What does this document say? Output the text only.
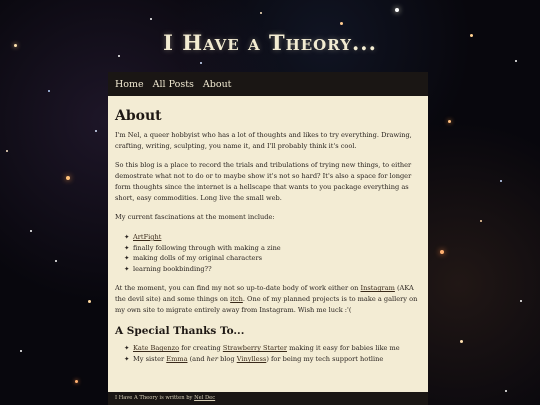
I Have a Theory...
Home All Posts About
About

I'm Nel, a queer hobbyist who has a lot of thoughts and likes to try everything. Drawing, crafting, writing, sculpting, you name it, and I'll probably think it's cool.

So this blog is a place to record the trials and tribulations of trying new things, to either demostrate what not to do or to maybe show it's not so hard? It's also a space for longer form thoughts since the internet is a hellscape that wants to you package everything as short, easy commodities. Long live the small web.

My current fascinations at the moment include:

✦ ArtFight
✦ finally following through with making a zine
✦ making dolls of my original characters
✦ learning bookbinding??

At the moment, you can find my not so up-to-date body of work either on Instagram (AKA the devil site) and some things on itch. One of my planned projects is to make a gallery on my own site to migrate entirely away from Instagram. Wish me luck :'(

A Special Thanks To...
✦ Kate Bagenzo for creating Strawberry Starter making it easy for babies like me
✦ My sister Emma (and her blog Vinylless) for being my tech support hotline
I Have A Theory is written by Nel Dec
